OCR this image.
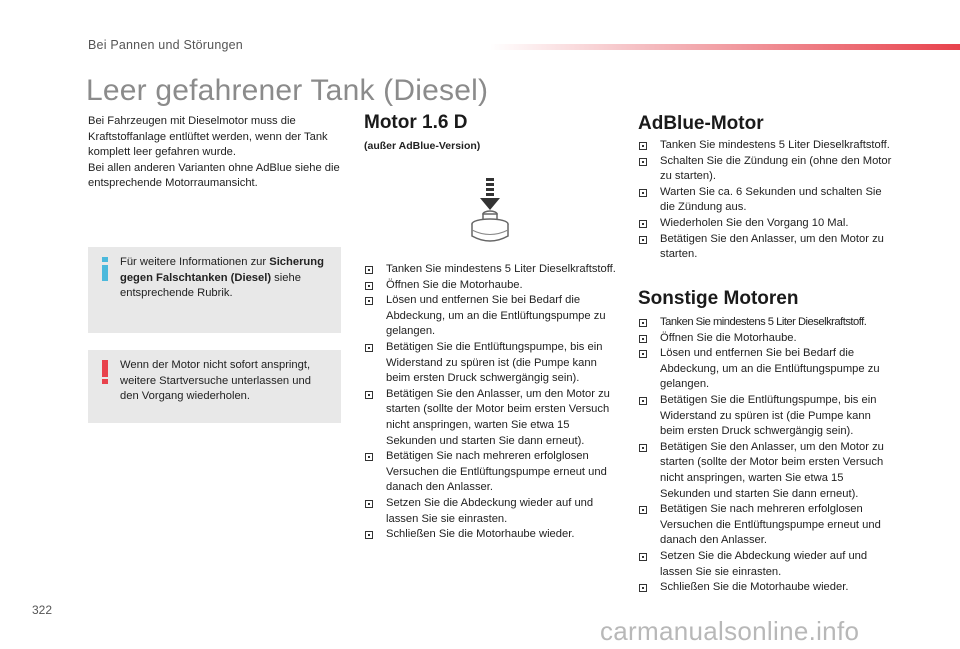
Bei Pannen und Störungen
Leer gefahrener Tank (Diesel)

Bei Fahrzeugen mit Dieselmotor muss die Kraftstoffanlage entlüftet werden, wenn der Tank komplett leer gefahren wurde.

Bei allen anderen Varianten ohne AdBlue siehe die entsprechende Motorraumansicht.

Für weitere Informationen zur Sicherung gegen Falschtanken (Diesel) siehe entsprechende Rubrik.
Wenn der Motor nicht sofort anspringt, weitere Startversuche unterlassen und den Vorgang wiederholen.
Motor 1.6 D
(außer AdBlue-Version)
Tanken Sie mindestens 5 Liter Dieselkraftstoff.
Öffnen Sie die Motorhaube.
Lösen und entfernen Sie bei Bedarf die Abdeckung, um an die Entlüftungspumpe zu gelangen.
Betätigen Sie die Entlüftungspumpe, bis ein Widerstand zu spüren ist (die Pumpe kann beim ersten Druck schwergängig sein).
Betätigen Sie den Anlasser, um den Motor zu starten (sollte der Motor beim ersten Versuch nicht anspringen, warten Sie etwa 15 Sekunden und starten Sie dann erneut).
Betätigen Sie nach mehreren erfolglosen Versuchen die Entlüftungspumpe erneut und danach den Anlasser.
Setzen Sie die Abdeckung wieder auf und lassen Sie sie einrasten.
Schließen Sie die Motorhaube wieder.
AdBlue-Motor
Tanken Sie mindestens 5 Liter Dieselkraftstoff.
Schalten Sie die Zündung ein (ohne den Motor zu starten).
Warten Sie ca. 6 Sekunden und schalten Sie die Zündung aus.
Wiederholen Sie den Vorgang 10 Mal.
Betätigen Sie den Anlasser, um den Motor zu starten.
Sonstige Motoren
Tanken Sie mindestens 5 Liter Dieselkraftstoff.
Öffnen Sie die Motorhaube.
Lösen und entfernen Sie bei Bedarf die Abdeckung, um an die Entlüftungspumpe zu gelangen.
Betätigen Sie die Entlüftungspumpe, bis ein Widerstand zu spüren ist (die Pumpe kann beim ersten Druck schwergängig sein).
Betätigen Sie den Anlasser, um den Motor zu starten (sollte der Motor beim ersten Versuch nicht anspringen, warten Sie etwa 15 Sekunden und starten Sie dann erneut).
Betätigen Sie nach mehreren erfolglosen Versuchen die Entlüftungspumpe erneut und danach den Anlasser.
Setzen Sie die Abdeckung wieder auf und lassen Sie sie einrasten.
Schließen Sie die Motorhaube wieder.
322
carmanualsonline.info
